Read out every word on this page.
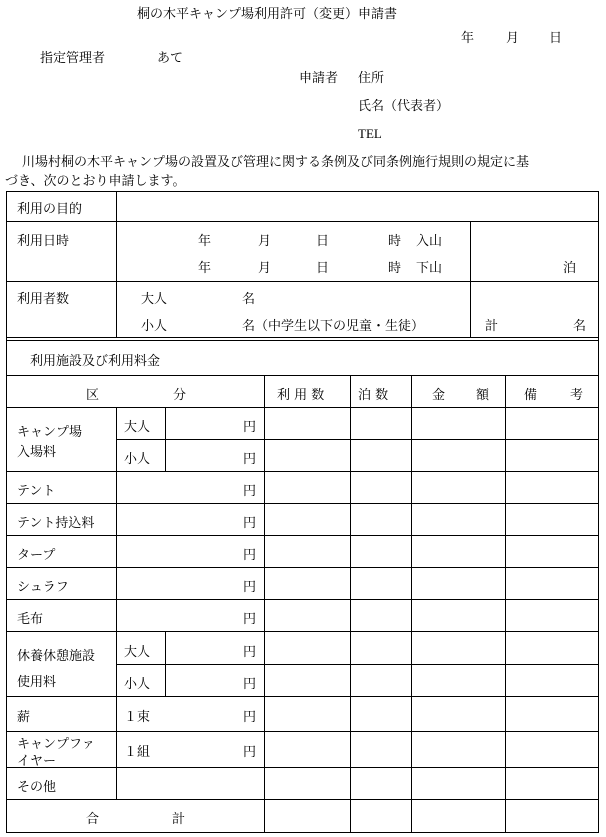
桐の木平キャンプ場利用許可（変更）申請書
年 月 日
指定管理者	あて
申請者 住所
氏名（代表者）
TEL
川場村桐の木平キャンプ場の設置及び管理に関する条例及び同条例施行規則の規定に基
づき、次のとおり申請します。
利用の目的
利用日時	年	月	日	時 入山
年	月	日	時 下山	泊
利用者数	大人	名
小人	名（中学生以下の児童・生徒）	計	名
利用施設及び利用料金
区	分	利 用 数	泊 数	金 額	備	考
キャンプ場
入場料
大人	円
小人	円
テント	円
テント持込料	円
タープ	円
シュラフ	円
毛布	円
休養休憩施設
使用料
大人	円
小人	円
薪	１束	円
キャンプファ
イヤー
１組	円
その他
合	計
